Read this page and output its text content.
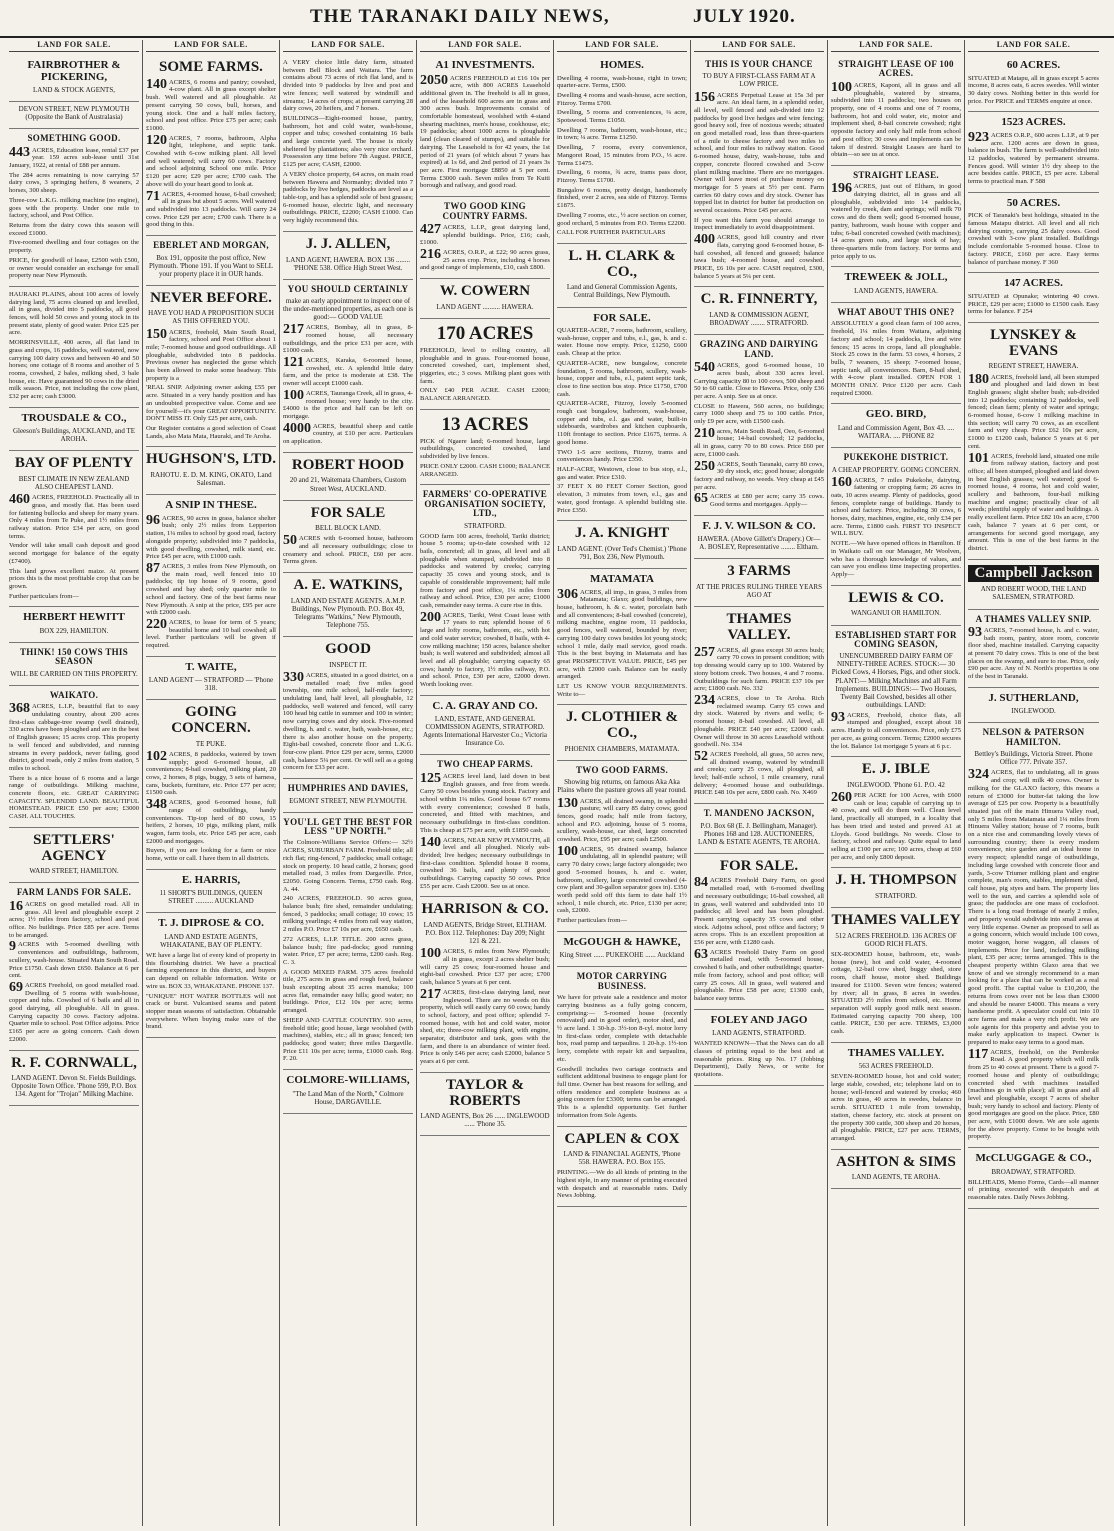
THE TARANAKI DAILY NEWS,	JULY 1920.
LAND FOR SALE.
FAIRBROTHER & PICKERING,
LAND & STOCK AGENTS,
DEVON STREET, NEW PLYMOUTH (Opposite the Bank of Australasia)
SOMETHING GOOD.

443 ACRES, Education lease, rental £37 per year. 159 acres sub-lease until 31st January, 1922, at rental of £88 per annum.

The 284 acres remaining is now carrying 57 dairy cows, 3 springing heifers, 8 weaners, 2 horses, 300 sheep.

Three-cow L.K.G. milking machine (no engine), goes with the property. Under one mile to factory, school, and Post Office.

Returns from the dairy cows this season will exceed £1000.

Five-roomed dwelling and four cottages on the property.

PRICE, for goodwill of lease, £2500 with £500, or owner would consider an exchange for small property near New Plymouth.

HAURAKI PLAINS, about 100 acres of lovely dairying land, 75 acres cleaned up and levelled, all in grass, divided into 5 paddocks, all good fences, will hold 50 cows and young stock in its present state, plenty of good water. Price £25 per acre.

MORRINSVILLE, 400 acres, all flat land in grass and crops, 16 paddocks, well watered, now carrying 100 dairy cows and between 40 and 50 horses; one cottage of 8 rooms and another of 5 rooms, cowshed, 2 bales, milking shed, 3 bale house, etc. Have guaranteed 90 cows in the dried milk season. Price, not including the cow plant, £32 per acre; cash £3000.

TROUSDALE & CO.,
Gleeson's Buildings, AUCKLAND, and TE AROHA.
BAY OF PLENTY
BEST CLIMATE IN NEW ZEALAND ALSO CHEAPEST LAND.

460 ACRES, FREEHOLD. Practically all in grass, and mostly flat. Has been used for fattening bullocks and sheep for many years. Only 4 miles from Te Puke, and 1½ miles from railway station. Price £34 per acre, on good terms.

Vendor will take small cash deposit and good second mortgage for balance of the equity (£7400).

This land grows excellent maize. At present prices this is the most profitable crop that can be grown.

Further particulars from—

HERBERT HEWITT
BOX 229, HAMILTON.
THINK! 150 COWS THIS SEASON
WILL BE CARRIED ON THIS PROPERTY.
WAIKATO.

368 ACRES, L.I.P., beautiful flat to easy undulating country, about 200 acres first-class cabbage-tree swamp (well drained), 330 acres have been ploughed and are in the best of English grasses; 15 acres crop. This property is well fenced and subdivided, and running streams in every paddock, never failing, good district, good roads, only 2 miles from station, 5 miles to school.

There is a nice house of 6 rooms and a large range of outbuildings. Milking machine, concrete floors, etc. GREAT CARRYING CAPACITY. SPLENDID LAND. BEAUTIFUL HOMESTEAD. PRICE £50 per acre; £3000 CASH. ALL TOUCHES.

SETTLERS' AGENCY
WARD STREET, HAMILTON.
FARM LANDS FOR SALE.

16 ACRES on good metalled road. All in grass. All level and ploughable except 2 acres; 1½ miles from factory, school and post office. No buildings. Price £85 per acre. Terms to be arranged.

9 ACRES with 5-roomed dwelling with conveniences and outbuildings, bathroom, scullery, wash-house. Situated Main South Road. Price £1750. Cash down £650. Balance at 6 per cent.

69 ACRES Freehold, on good metalled road. Dwelling of 5 rooms with wash-house, copper and tubs. Cowshed of 6 bails and all in good dairying, all ploughable. All in grass. Carrying capacity 30 cows. Factory adjoins. Quarter mile to school. Post Office adjoins. Price £165 per acre as going concern. Cash down £2000.

R. F. CORNWALL,
LAND AGENT. Devon St. Fields Buildings. Opposite Town Office. 'Phone 599, P.O. Box 134. Agent for "Trojan" Milking Machine.
LAND FOR SALE.
SOME FARMS.

140 ACRES, 6 rooms and pantry; cowshed, 4-cow plant. All in grass except shelter bush. Well watered and all ploughable. At present carrying 50 cows, bull, horses, and young stock. One and a half miles factory, school and post office. Price £75 per acre; cash £1000.

120 ACRES, 7 rooms, bathroom, Alpha light, telephone, and septic tank. Cowshed with 6-cow milking plant. All level and well watered; will carry 60 cows. Factory and school adjoining School one mile. Price £120 per acre; £29 per acre; £700 cash. The above will do your heart good to look at.

71 ACRES, 4-roomed house, 6-bail cowshed; all in grass but about 5 acres. Well watered and subdivided into 13 paddocks. Will carry 24 cows. Price £29 per acre; £700 cash. There is a good thing in this.

EBERLET AND MORGAN,
Box 191, opposite the post office, New Plymouth. 'Phone 191. If you Want to SELL your property place it in OUR hands.
NEVER BEFORE.
HAVE YOU HAD A PROPOSITION SUCH AS THIS OFFERED YOU.

150 ACRES, freehold, Main South Road, factory, school and Post Office about 1 mile; 7-roomed house and good outbuildings. All ploughable, subdivided into 8 paddocks. Previous owner has neglected the gorse which has been allowed to make some headway. This property is a

'REAL SNIP. Adjoining owner asking £55 per acre. Situated in a very handy position and has an undoubted prospective value. Come and see for yourself—it's your GREAT OPPORTUNITY. DON'T MISS IT. Only £25 per acre, cash.

Our Register contains a good selection of Coast Lands, also Mata Mata, Hauraki, and Te Aroha.

HUGHSON'S, LTD.
RAHOTU. E. D. M. KING, OKATO, Land Salesman.
A SNIP IN THESE.

96 ACRES, 90 acres in grass, balance shelter bush; only 2½ miles from Lepperton station, 1¼ miles to school by good road, factory alongside property; subdivided into 7 paddocks, with good dwelling, cowshed, milk stand, etc. Price £45 per acre, with £1000 cash.

87 ACRES, 3 miles from New Plymouth, on the main road, well fenced into 10 paddocks; tip top house of 9 rooms, good cowshed and bay shed; only quarter mile to school and factory. One of the best farms near New Plymouth. A snip at the price, £95 per acre with £2000 cash.

220 ACRES, to lease for term of 5 years; beautiful home and 10 bail cowshed; all level. Further particulars will be given if required.

T. WAITE,
LAND AGENT — STRATFORD — 'Phone 318.
GOING CONCERN.
TE PUKE.

102 ACRES, 8 paddocks, watered by town supply; good 6-roomed house, all conveniences; 8-bail cowshed, milking plant, 20 cows, 2 horses, 8 pigs, buggy, 3 sets of harness, cans, buckets, furniture, etc. Price £77 per acre; £1500 cash.

348 ACRES, good 6-roomed house, full range of outbuildings, handy conveniences. Tip-top herd of 80 cows, 15 heifers, 2 horses, 10 pigs, milking plant, milk wagon, farm tools, etc. Price £45 per acre, cash £2000 and mortgages.

Buyers, if you are looking for a farm or nice home, write or call. I have them in all districts.

E. HARRIS,
11 SHORT'S BUILDINGS, QUEEN STREET .......... AUCKLAND
T. J. DIPROSE & CO.
LAND AND ESTATE AGENTS, WHAKATANE, BAY OF PLENTY.

WE have a large list of every kind of property in this flourishing district. We have a practical farming experience in this district, and buyers can depend on reliable information. Write or wire us. BOX 33, WHAKATANE. PHONE 137.

"UNIQUE" HOT WATER BOTTLES will not crack or burst. Vulcanised seams and patent stopper mean seasons of satisfaction. Obtainable everywhere. When buying make sure of the brand.

LAND FOR SALE.

A VERY choice little dairy farm, situated between Bell Block and Waitara. The farm contains about 73 acres of rich flat land, and is divided into 9 paddocks by live and post and wire fences; well watered by windmill and streams; 14 acres of crops; at present carrying 28 dairy cows, 20 heifers, and 7 horses.

BUILDINGS—Eight-roomed house, pantry, bathroom, hot and cold water, wash-house, copper and tubs; cowshed containing 16 bails and large concrete yard. The house is nicely sheltered by plantations; also very nice orchard. Possession any time before 7th August. PRICE, £125 per acre; CASH, £2000.

A VERY choice property, 64 acres, on main road between Hawera and Normanby; divided into 7 paddocks by live hedges, paddocks are level as a table-top, and has a splendid sole of best grasses; 6-roomed house, electric light, and necessary outbuildings. PRICE, £2200; CASH £1000. Can very highly recommend this.

J. J. ALLEN,
LAND AGENT, HAWERA. BOX 136 ........ 'PHONE 538. Office High Street West.
YOU SHOULD CERTAINLY
make an early appointment to inspect one of the under-mentioned properties, as each one is good:— GOOD VALUE

217 ACRES, Bombay, all in grass, 8-roomed house, all necessary outbuildings, and the price £31 per acre, with £1000 cash.

121 ACRES, Karaka, 6-roomed house, cowshed, etc. A splendid little dairy farm, and the price is moderate at £38. The owner will accept £1000 cash.

100 ACRES, Tauranga Creek, all in grass, 4-roomed house; very handy to the city. £4000 is the price and half can be left on mortgage.

4000 ACRES, beautiful sheep and cattle country, at £10 per acre. Particulars on application.

ROBERT HOOD
20 and 21, Waitemata Chambers, Custom Street West, AUCKLAND.
FOR SALE
BELL BLOCK LAND.

50 ACRES with 6-roomed house, bathroom and all necessary outbuildings; close to creamery and school. PRICE, £60 per acre. Terms given.

A. E. WATKINS,
LAND AND ESTATE AGENTS. A.M.P. Buildings, New Plymouth. P.O. Box 49, Telegrams "Watkins," New Plymouth, Telephone 755.
GOOD
INSPECT IT.

330 ACRES, situated in a good district, on a metalled road; five miles good township, one mile school, half-mile factory; undulating land, half level, all ploughable, 12 paddocks, well watered and fenced, will carry 100 head big cattle in summer and 100 in winter; now carrying cows and dry stock. Five-roomed dwelling, h. and c. water, bath, wash-house, etc.; there is also another house on the property. Eight-bail cowshed, concrete floor and L.K.G. four-cow plant. Price £29 per acre, terms, £2000 cash, balance 5¼ per cent. Or will sell as a going concern for £33 per acre.

HUMPHRIES AND DAVIES,
EGMONT STREET, NEW PLYMOUTH.
YOU'LL GET THE BEST FOR LESS "UP NORTH."

The Colmore-Williams Service Offers:— 32½ ACRES, SUBURBAN FARM. Freehold title; all rich flat; ring-fenced, 7 paddocks; small cottage; stock on property. 10 head cattle, 2 horses; good metalled road, 3 miles from Dargaville. Price, £2050. Going Concern. Terms, £750 cash. Reg. A. 44.

240 ACRES, FREEHOLD. 90 acres grass, balance bush; fire shed, remainder undulating; fenced, 3 paddocks; small cottage; 10 cows; 15 milking yearlings; 4 miles from rail way station, 2 miles P.O. Price £7 10s per acre, £650 cash.

272 ACRES, L.I.P. TITLE. 200 acres grass, balance bush; fire pad-docks; good running water. Price, £7 per acre; terms, £200 cash. Reg. C. 3.

A GOOD MIXED FARM. 375 acres freehold title, 275 acres in grass and rough feed, balance bush excepting about 35 acres manuka; 100 acres flat, remainder easy hills; good water; no buildings. Price, £12 10s per acre; terms arranged.

SHEEP AND CATTLE COUNTRY. 910 acres, freehold title; good house, large woolshed (with machines), stables, etc.; all in grass; fenced; ten paddocks; good water; three miles Dargaville. Price £11 10s per acre; terms, £1000 cash. Reg. F. 20.

COLMORE-WILLIAMS,
"The Land Man of the North," Colmore House, DARGAVILLE.
LAND FOR SALE.
A1 INVESTMENTS.

2050 ACRES FREEHOLD at £16 10s per acre, with 800 ACRES Leasehold additional given in. The freehold is all in grass, and of the leasehold 600 acres are in grass and 300 acres bush. Improvements consist of comfortable homestead, woolshed with 4-stand shearing machines, men's house, cookhouse, etc; 19 paddocks; about 1000 acres is ploughable land (clean cleared of stumps), and suitable for dairying. The Leasehold is for 42 years, the 1st period of 21 years (of which about 7 years has expired) at 1s 6d, and 2nd period of 21 years 3s per acre. First mortgage £8850 at 5 per cent. Terms £3000 cash. Seven miles from Te Kuiti borough and railway, and good road.

TWO GOOD KING COUNTRY FARMS.

427 ACRES, L.I.P., great dairying land, splendid buildings. Price, £16; cash, £1000.

216 ACRES, O.R.P., at £22; 90 acres grass, 25 acres crop. Price, including 4 horses and good range of implements, £10, cash £800.

W. COWERN
LAND AGENT .......... HAWERA.
170 ACRES

FREEHOLD, level to rolling country, all ploughable and in grass. Four-roomed house, concreted cowshed, cart, implement shed, piggeries, etc.; 3 cows. Milking plant goes with farm.

ONLY £40 PER ACRE. CASH £2000; BALANCE ARRANGED.

13 ACRES

PICK of Ngaere land; 6-roomed house, large outbuildings, concreted cowshed, land subdivided by live fences.

PRICE ONLY £2000. CASH £1000; BALANCE ARRANGED.

FARMERS' CO-OPERATIVE ORGANISATION SOCIETY, LTD.,
STRATFORD.

GOOD farm 100 acres, freehold, Tariki district; house 5 rooms; up-to-date cowshed with 12 bails, concreted; all in grass, all level and all ploughable when stumped, subdivided into 8 paddocks and watered by creeks; carrying capacity 35 cows and young stock, and is capable of considerable improvement; half mile from factory and post office, 1¼ miles from railway and school. Price, £30 per acre; £1000 cash, remainder easy terms. A cure rise in this.

200 ACRES, Tariki, West Coast lease with 17 years to run; splendid house of 6 large and lofty rooms, bathroom, etc., with hot and cold water service; cowshed, 8 bails, with 4-cow milking machine; 150 acres, balance shelter bush; is well watered and subdivided; almost all level and all ploughable; carrying capacity 65 cows; handy to factory, 1½ miles railway, P.O. and school. Price, £30 per acre, £2000 down. Worth looking over.

C. A. GRAY AND CO.
LAND, ESTATE, AND GENERAL COMMISSION AGENTS, STRATFORD. Agents International Harvester Co.; Victoria Insurance Co.
TWO CHEAP FARMS.

125 ACRES level land, laid down in best English grasses, and free from weeds. Carry 50 cows besides young stock. Factory and school within 1¼ miles. Good house 6/7 rooms with every convenience; cowshed 8 bails, concreted, and fitted with machines, and necessary outbuildings in first-class condition. This is cheap at £75 per acre, with £1850 cash.

140 ACRES, NEAR NEW PLYMOUTH, all level and all ploughed. Nicely sub-divided; live hedges; necessary outbuildings in first-class condition. Splendid house 8 rooms, cowshed 36 bails, and plenty of good outbuildings. Carrying capacity 50 cows. Price £55 per acre. Cash £2000. See us at once.

HARRISON & CO.
LAND AGENTS, Bridge Street, ELTHAM. P.O. Box 112. Telephones: Day 209; Night 121 & 221.

100 ACRES, 6 miles from New Plymouth; all in grass, except 2 acres shelter bush; will carry 25 cows; four-roomed house and eight-bail cowshed. Price £37 per acre; £700 cash, balance 5 years at 6 per cent.

217 ACRES, first-class dairying land, near Inglewood. There are no weeds on this property, which will easily carry 60 cows; handy to school, factory, and post office; splendid 7-roomed house, with hot and cold water, motor shed, etc; three-cow milking plant, with engine, separator, distributor and tank, goes with the farm, and there is an abundance of winter feed. Price is only £46 per acre; cash £2000, balance 5 years at 6 per cent.

TAYLOR & ROBERTS
LAND AGENTS, Box 26 ...... INGLEWOOD ...... 'Phone 35.
LAND FOR SALE.
HOMES.

Dwelling 4 rooms, wash-house, right in town; quarter-acre. Terms, £500.

Dwelling 4 rooms and wash-house, acre section, Fitzroy. Terms £700.

Dwelling, 5 rooms and conveniences, ¼ acre, Spotswood. Terms £1050.

Dwelling 7 rooms, bathroom, wash-house, etc.; in town; ¼ acre. Terms £1250.

Dwelling, 7 rooms, every convenience, Mangorei Road, 15 minutes from P.O., ⅓ acre. Terms £1475.

Dwelling, 6 rooms, ¾ acre, trams pass door, Fitzroy. Terms £1700.

Bungalow 6 rooms, pretty design, handsomely finished, over 2 acres, sea side of Fitzroy. Terms £1875.

Dwelling 7 rooms, etc., ½ acre section on corner, good orchard, 5 minutes from P.O. Terms £2200.

CALL FOR FURTHER PARTICULARS

L. H. CLARK & CO.,
Land and General Commission Agents, Central Buildings, New Plymouth.
FOR SALE.

QUARTER-ACRE, 7 rooms, bathroom, scullery, wash-house, copper and tubs, e.l., gas, h. and c. water. House now empty. Price, £1250, £600 cash. Cheap at the price.

QUARTER-ACRE, new bungalow, concrete foundation, 5 rooms, bathroom, scullery, wash-house, copper and tubs, e.l., patent septic tank, close to fine section bus stop. Price £1750, £700 cash.

QUARTER-ACRE, Fitzroy, lovely 5-roomed rough cast bungalow, bathroom, wash-house, copper and tubs, e.l. gas and water, built-in sideboards, wardrobes and kitchen cupboards, 110ft frontage to section. Price £1675, terms. A good home.

TWO 1-5 acre sections, Fitzroy, trams and conveniences handy. Price £350.

HALF-ACRE, Westown, close to bus stop, e.l., gas and water. Price £310.

37 FEET X 80 FEET Corner Section, good elevation, 3 minutes from town, e.l., gas and water, good frontage. A splendid building site. Price £350.

J. A. KNIGHT
LAND AGENT. (Over Ted's Chemist.) 'Phone 791, Box 236, New Plymouth.
MATAMATA

306 ACRES, all imp., in grass, 3 miles from Matamata; Glaxo; good buildings, new house, bathroom, h. & c. water, porcelain bath and all conveniences; 8-bail cowshed (concrete), milking machine, engine room, 11 paddocks, good fences, well watered, bounded by river; carrying 100 dairy cows besides lot young stock; school 1 mile, daily mail service, good roads. This is the best buying in Matamata and has great PROSPECTIVE VALUE. PRICE, £45 per acre, with £2000 cash. Balance can be easily arranged.

LET US KNOW YOUR REQUIREMENTS. Write to—

J. CLOTHIER & CO.,
PHOENIX CHAMBERS, MATAMATA.
TWO GOOD FARMS.
Showing big returns, on famous Aka Aka Plains where the pasture grows all year round.

130 ACRES, all drained swamp, in splendid pasture; will carry 85 dairy cows; good fences, good roads; half mile from factory, school and P.O. adjoining, house of 5 rooms, scullery, wash-house, car shed, large concreted cowshed. Price, £95 per acre; cash £2500.

100 ACRES, 95 drained swamp, balance undulating, all in splendid pasture; will carry 70 dairy cows; large factory alongside; two good 5-roomed houses, h. and c. water, bathroom, scullery, large concreted cowshed (4-cow plant and 30-gallon separator goes in). £350 worth pedd sold off this farm to date half 1½ school, 1 mile church, etc. Price, £130 per acre; cash, £2000.

Further particulars from—

McGOUGH & HAWKE,
King Street ...... PUKEKOHE ...... Auckland
MOTOR CARRYING BUSINESS.

We have for private sale a residence and motor carrying business as a fully going concern, comprising:— 5-roomed house (recently renovated) and in good order), motor shed, and ½ acre land. 1 30-h.p. 3½-ton 8-cyl. motor lorry in first-class order, complete with detachable box, road pump and tarpaulins. 1 20-h.p. 1½-ton lorry, complete with repair kit and tarpaulins, etc.

Goodwill includes two cartage contracts and sufficient additional business to engage plant for full time. Owner has best reasons for selling, and offers residence and complete business as a going concern for £3300; terms can be arranged. This is a splendid opportunity. Get further information from Sole Agents.

CAPLEN & COX
LAND & FINANCIAL AGENTS, 'Phone 558. HAWERA. P.O. Box 155.

PRINTING.—We do all kinds of printing in the highest style, in any manner of printing executed with despatch and at reasonable rates. Daily News Jobbing.

LAND FOR SALE.
THIS IS YOUR CHANCE
TO BUY A FIRST-CLASS FARM AT A LOW PRICE.

156 ACRES Perpetual Lease at 15s 3d per acre. An ideal farm, in a splendid order, all level, well fenced and sub-divided into 12 paddocks by good live hedges and wire fencing; good heavy soil, free of noxious weeds; situated on good metalled road, less than three-quarters of a mile to cheese factory and two miles to school, and four miles to railway station. Good 6-roomed house, dairy, wash-house, tubs and copper, concrete floored cowshed and 3-cow plant milking machine. There are no mortgages. Owner will leave most of purchase money on mortgage for 5 years at 5½ per cent. Farm carries 60 dairy cows and dry stock. Owner has topped list in district for butter fat production on several occasions. Price £45 per acre.

If you want this farm you should arrange to inspect immediately to avoid disappointment.

400 ACRES, good hill country and river flats, carrying good 6-roomed house, 8-bail cowshed, all fenced and grassed; balance tawa bush; 4-roomed house, and cowshed. PRICE, £6 10s per acre. CASH required, £300, balance 5 years at 5¼ per cent.

C. R. FINNERTY,
LAND & COMMISSION AGENT, BROADWAY ........ STRATFORD.
GRAZING AND DAIRYING LAND.

540 ACRES, good 6-roomed house, 10 acres bush, about 330 acres level. Carrying capacity 80 to 100 cows, 500 sheep and 50 to 60 cattle. Close to Hawera. Price, only £36 per acre. A snip. See us at once.

CLOSE to Hawera, 560 acres, no buildings; carry 1000 sheep and 75 to 100 cattle. Price, only £9 per acre, with £1500 cash.

210 acres, Main South Road, Oeo, 6-roomed house; 14-bail cowshed; 12 paddocks, all in grass, carry 70 to 80 cows. Price £60 per acre, £1000 cash.

250 ACRES, South Taranaki, carry 80 cows, 30 dry stock, etc; good house; alongside factory and railway, no weeds. Very cheap at £45 per acre.

65 ACRES at £80 per acre; carry 35 cows. Good terms and mortgages. Apply—

F. J. V. WILSON & CO.
HAWERA. (Above Gillett's Drapery.) Or— A. BOSLEY, Representative ........ Eltham.
3 FARMS
AT THE PRICES RULING THREE YEARS AGO AT
THAMES VALLEY.

257 ACRES, all grass except 30 acres bush; carry 70 cows in present condition; with top dressing would carry up to 100. Watered by stony bottom creek. Two houses, 4 and 7 rooms. Outbuildings for such farm. PRICE £37 10s per acre; £1800 cash. No. 332

234 ACRES, close to Te Aroha. Rich reclaimed swamp. Carry 65 cows and dry stock. Watered by rivers and wells; 6-roomed house; 8-bail cowshed. All level, all ploughable. PRICE £40 per acre; £2000 cash. Owner will throw in 30 acres Leasehold without goodwill. No. 334

52 ACRES Freehold, all grass, 50 acres new, all drained swamp, watered by windmill and creeks; carry 25 cows, all ploughed, all level; half-mile school, 1 mile creamery, rural delivery; 4-roomed house and outbuildings. PRICE £48 10s per acre, £800 cash. No. X469

T. MANDENO JACKSON,
P.O. Box 68 (E. J. Bellingham, Manager). Phones 168 and 128. AUCTIONEERS, LAND & ESTATE AGENTS, TE AROHA.
FOR SALE.

84 ACRES Freehold Dairy Farm, on good metalled road, with 6-roomed dwelling and necessary outbuildings; 16-bail cowshed, all in grass, well watered and subdivided into 10 paddocks; all level and has been ploughed. Present carrying capacity 35 cows and other stock. Adjoins school, post office and factory; 9 acres crops. This is an excellent proposition at £56 per acre, with £1280 cash.

63 ACRES Freehold Dairy Farm on good metalled road, with 5-roomed house, cowshed 6 bails, and other outbuildings; quarter-mile from factory, school and post office; will carry 25 cows. All in grass, well watered and ploughable. Price £58 per acre; £1300 cash, balance easy terms.

FOLEY AND JAGO
LAND AGENTS, STRATFORD.

WANTED KNOWN—That the News can do all classes of printing equal to the best and at reasonable prices. Ring up No. 17 (Jobbing Department), Daily News, or write for quotations.

LAND FOR SALE.
STRAIGHT LEASE OF 100 ACRES.

100 ACRES, Kaponi, all in grass and all ploughable, watered by streams, subdivided into 11 paddocks; two houses on property, one of 4 rooms and one of 7 rooms, bathroom, hot and cold water, etc, motor and implement shed, 8-bail concrete cowshed; right opposite factory and only half mile from school and post office; 30 cows and implements can be taken if desired. Straight Leases are hard to obtain—so see us at once.

STRAIGHT LEASE.

196 ACRES, just out of Eltham, in good dairying district, all in grass and all ploughable, subdivided into 14 paddocks, watered by creek, dam and springs; will milk 70 cows and do them well; good 6-roomed house, pantry, bathroom, wash house with copper and tubs; 6-bail concreted cowshed (with machines); 14 acres green oats, and large stock of hay; three-quarters mile from factory. For terms and price apply to us.

TREWEEK & JOLL,
LAND AGENTS, HAWERA.
WHAT ABOUT THIS ONE?

ABSOLUTELY a good clean farm of 100 acres, freehold, 1¼ miles from Waitara, adjoining factory and school; 14 paddocks, live and wire fences; 15 acres in crops, land all ploughable. Stock 25 cows in the farm. 53 cows, 4 horses, 2 bulls, 7 weaners, 15 sheep; 7-roomed house, septic tank, all conveniences. Barn, 8-bail shed, with 4-cow plant installed. OPEN FOR 1 MONTH ONLY. Price £120 per acre. Cash required £3000.

GEO. BIRD,
Land and Commission Agent, Box 43. .... WAITARA. .... PHONE 82
PUKEKOHE DISTRICT.
A CHEAP PROPERTY. GOING CONCERN.

160 ACRES, 7 miles Pukekohe, dairying, fattening or cropping farm; 26 acres in oats, 10 acres swamp. Plenty of paddocks, good fences, complete range of buildings. Handy to school and factory. Price, including 30 cows, 6 horses, dairy, machines, engine, etc, only £34 per acre. Terms, £1800 cash. FIRST TO INSPECT WILL BUY.

NOTE.—We have opened offices in Hamilton. If in Waikato call on our Manager, Mr Woolven, who has a thorough knowledge of values, and can save you endless time inspecting properties. Apply—

LEWIS & CO.
WANGANUI OR HAMILTON.
ESTABLISHED START FOR COMING SEASON,
UNENCUMBERED DAIRY FARM OF NINETY-THREE ACRES. STOCK:— 30 Picked Cows, 4 Horses, Pigs, and other stock. PLANT:— Milking Machines and all Farm Implements. BUILDINGS:— Two Houses, Twenty Bail Cowshed, besides all other outbuildings. LAND:

93 ACRES, Freehold, choice flats, all stumped and ploughed, except about 18 acres. Handy to all conveniences. Price, only £75 per acre, as going concern. Terms; £2000 secures the lot. Balance 1st mortgage 5 years at 6 p.c.

E. J. IBLE
INGLEWOOD. 'Phone 61. P.O. 42

260 PER ACRE for 100 Acres, with £600 cash or less; capable of carrying up to 40 cows, and will do them well. Clean level land, practically all stumped, in a locality that has been tried and tested and proved A1 at Lloyds. Good buildings. No weeds. Close to factory, school and railway. Quite equal to land selling at £100 per acre; 100 acres, cheap at £60 per acre, and only £800 deposit.

J. H. THOMPSON
STRATFORD.
THAMES VALLEY
512 ACRES FREEHOLD. 136 ACRES OF GOOD RICH FLATS.

SIX-ROOMED house, bathroom, etc, wash-house (new), hot and cold water, 4-roomed cottage, 12-bail cow shed, buggy shed, store room, chaff house, motor shed. Buildings insured for £1100. Seven wire fences; watered by river; all in grass, 8 acres in swedes. SITUATED 2½ miles from school, etc. Home separation will supply good milk next season. Estimated carrying capacity 700 sheep, 100 cattle. PRICE, £30 per acre. TERMS, £3,000 cash.

THAMES VALLEY.
563 ACRES FREEHOLD.

SEVEN-ROOMED house, hot and cold water; large stable, cowshed, etc; telephone laid on to house; well-fenced and watered by creeks; 460 acres in grass, 40 acres in swedes, balance in scrub. SITUATED 1 mile from township, station, cheese factory, etc. stock at present on the property 300 cattle, 300 sheep and 20 horses, all ploughable. PRICE, £27 per acre. TERMS, arranged.

ASHTON & SIMS
LAND AGENTS, TE AROHA.
LAND FOR SALE.
60 ACRES.

SITUATED at Matapu, all in grass except 5 acres income, 8 acres oats, 6 acres swedes. Will winter 30 dairy cows. Nothing better in this world for price. For PRICE and TERMS enquire at once.

1523 ACRES.

923 ACRES O.R.P., 600 acres L.I.P., at 9 per acre. 1200 acres are down in grass, balance in bush. The farm is well-subdivided into 12 paddocks, watered by permanent streams. Fences good. Will winter 1½ dry sheep to the acre besides cattle. PRICE, £5 per acre. Liberal terms to practical man. F 588

50 ACRES.

PICK of Taranaki's best holdings, situated in the famous Matapu district. All level and all rich dairying country, carrying 25 dairy cows. Good cowshed with 3-cow plant installed. Buildings include comfortable 5-roomed house. Close to factory. PRICE, £160 per acre. Easy terms balance of purchase money. F 360

147 ACRES.

SITUATED at Opunake; wintering 40 cows. PRICE, £29 per acre; £1000 to £1500 cash. Easy terms for balance. F 254

LYNSKEY & EVANS
REGENT STREET, HAWERA.

180 ACRES, freehold land, all been stumped and ploughed and laid down in best English grasses; slight shelter bush; sub-divided into 12 paddocks; containing 12 paddocks, well fenced; clean farm; plenty of water and springs; 6-roomed house, 6-cow 1 milking machine in this section; will carry 70 cows, as an excellent farm and very cheap. Price £62 10s per acre, £1000 to £1200 cash, balance 5 years at 6 per cent.

101 ACRES, freehold land, situated one mile from railway station, factory and post office; all been stumped, ploughed and laid down in best English grasses; well watered; good 6-roomed house, 4 rooms, hot and cold water, scullery and bathroom, four-bail milking machine and engine; practically clear of all weeds; plentiful supply of water and buildings. A really excellent farm. Price £82 10s an acre, £700 cash, balance 7 years at 6 per cent, or arrangements for second good mortgage, any amount. This is one of the best farms in the district.

Campbell Jackson
AND ROBERT WOOD, THE LAND SALESMEN, STRATFORD.
A THAMES VALLEY SNIP.

93 ACRES, 7-roomed house, h. and c. water, bath room, pantry, store room, concrete floor shed, machine installed. Carrying capacity at present 70 dairy cows. This is one of the best places on the swamp, and sure to rise. Price, only £90 per acre. Any of N. North's properties is one of the best in Taranaki.

J. SUTHERLAND,
INGLEWOOD.
NELSON & PATERSON HAMILTON.
Bettley's Buildings, Victoria Street. Phone Office 777. Private 357.

324 ACRES, flat to undulating, all in grass and crop; will milk 40 cows. Owner is milking for the GLAXO factory, this means a return of £3000 for butter-fat taking the low average of £25 per cow. Property is a beautifully situated just off the main Hinuera Valley road, only 5 miles from Matamata and 1¼ miles from Hinuera Valley station; house of 7 rooms, built on a nice rise and commanding lovely views of surrounding country; there is every modern convenience, nice garden and an ideal home in every respect; splendid range of outbuildings, including large cowshed with concrete floor and yards, 3-cow Triumer milking plant and engine complete, man's room, stables, implement shed, calf house, pig styes and barn. The property lies well to the sun, and carries a splendid sole of grass; the paddocks are one mass of cocksfoot. There is a long road frontage of nearly 2 miles, and property would subdivide into small areas at very little expense. Owner as proposed to sell as a going concern, which would include 100 cows, motor waggon, horse waggon, all classes of implements. Price for land, including milking plant, £35 per acre; terms arranged. This is the cheapest property within Glaxo area that we know of and we strongly recommend to a man looking for a place that can be worked as a real good profit. The capital value is £10,200, the returns from cows over not be less than £3000 and should be nearer £4000. This means a very handsome profit. A speculator could cut into 10 acre farms and make a very rich profit. We are sole agents for this property and advise you to make early application to inspect. Owner is prepared to make easy terms to a good man.

117 ACRES, freehold, on the Pembroke Road. A good property which will milk from 25 to 40 cows at present. There is a good 7-roomed house and plenty of outbuildings; concreted shed with machines installed (machines go in with place); all in grass and all level and ploughable, except 7 acres of shelter bush; very handy to school and factory. Plenty of good mortgages are good on the place. Price, £80 per acre, with £1000 down. We are sole agents for the above property. Come to be bought with property.

McCLUGGAGE & CO.,
BROADWAY, STRATFORD.

BILLHEADS, Memo Forms, Cards—all manner of printing executed with despatch and at reasonable rates. Daily News Jobbing.
